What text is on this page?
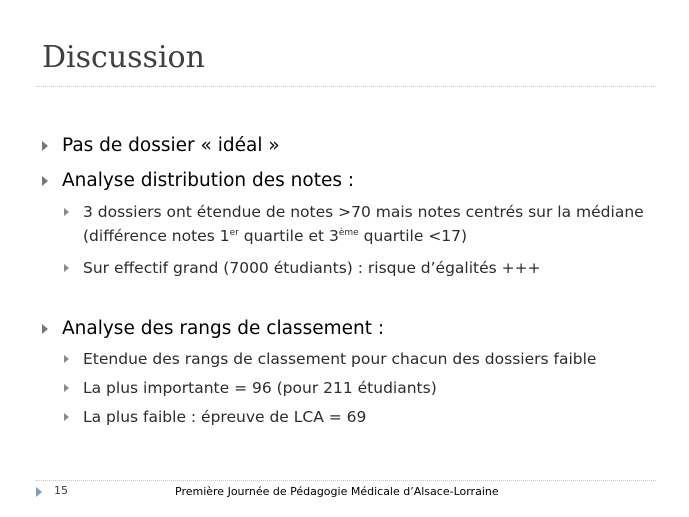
Discussion
Pas de dossier « idéal »
Analyse distribution des notes :
3 dossiers ont étendue de notes >70 mais notes centrés sur la médiane (différence notes 1er quartile et 3ème quartile <17)
Sur effectif grand (7000 étudiants) : risque d’égalités +++
Analyse des rangs de classement :
Etendue des rangs de classement pour chacun des dossiers faible
La plus importante = 96 (pour 211 étudiants)
La plus faible : épreuve de LCA = 69
15	Première Journée de Pédagogie Médicale d’Alsace-Lorraine
